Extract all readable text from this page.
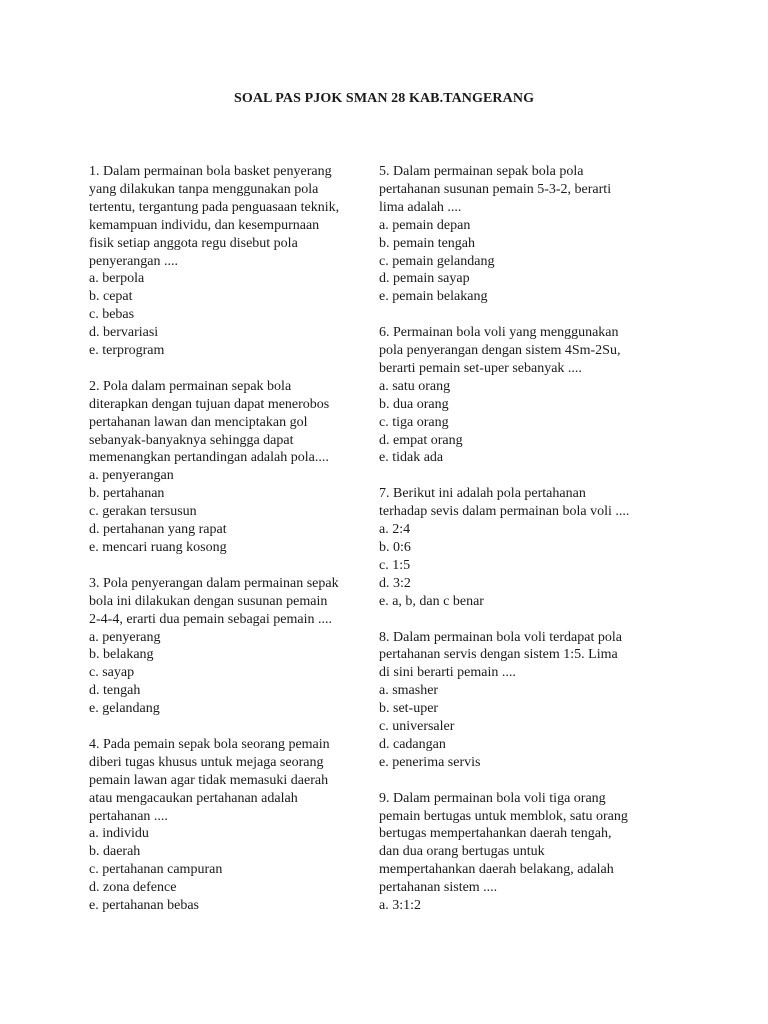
SOAL PAS PJOK SMAN 28 KAB.TANGERANG
1. Dalam permainan bola basket penyerang
yang dilakukan tanpa menggunakan pola
tertentu, tergantung pada penguasaan teknik,
kemampuan individu, dan kesempurnaan
fisik setiap anggota regu disebut pola
penyerangan ....
a. berpola
b. cepat
c. bebas
d. bervariasi
e. terprogram
2. Pola dalam permainan sepak bola
diterapkan dengan tujuan dapat menerobos
pertahanan lawan dan menciptakan gol
sebanyak-banyaknya sehingga dapat
memenangkan pertandingan adalah pola....
a. penyerangan
b. pertahanan
c. gerakan tersusun
d. pertahanan yang rapat
e. mencari ruang kosong
3. Pola penyerangan dalam permainan sepak
bola ini dilakukan dengan susunan pemain
2-4-4, erarti dua pemain sebagai pemain ....
a. penyerang
b. belakang
c. sayap
d. tengah
e. gelandang
4. Pada pemain sepak bola seorang pemain
diberi tugas khusus untuk mejaga seorang
pemain lawan agar tidak memasuki daerah
atau mengacaukan pertahanan adalah
pertahanan ....
a. individu
b. daerah
c. pertahanan campuran
d. zona defence
e. pertahanan bebas
5. Dalam permainan sepak bola pola
pertahanan susunan pemain 5-3-2, berarti
lima adalah ....
a. pemain depan
b. pemain tengah
c. pemain gelandang
d. pemain sayap
e. pemain belakang
6. Permainan bola voli yang menggunakan
pola penyerangan dengan sistem 4Sm-2Su,
berarti pemain set-uper sebanyak ....
a. satu orang
b. dua orang
c. tiga orang
d. empat orang
e. tidak ada
7. Berikut ini adalah pola pertahanan
terhadap sevis dalam permainan bola voli ....
a. 2:4
b. 0:6
c. 1:5
d. 3:2
e. a, b, dan c benar
8. Dalam permainan bola voli terdapat pola
pertahanan servis dengan sistem 1:5. Lima
di sini berarti pemain ....
a. smasher
b. set-uper
c. universaler
d. cadangan
e. penerima servis
9. Dalam permainan bola voli tiga orang
pemain bertugas untuk memblok, satu orang
bertugas mempertahankan daerah tengah,
dan dua orang bertugas untuk
mempertahankan daerah belakang, adalah
pertahanan sistem ....
a. 3:1:2
